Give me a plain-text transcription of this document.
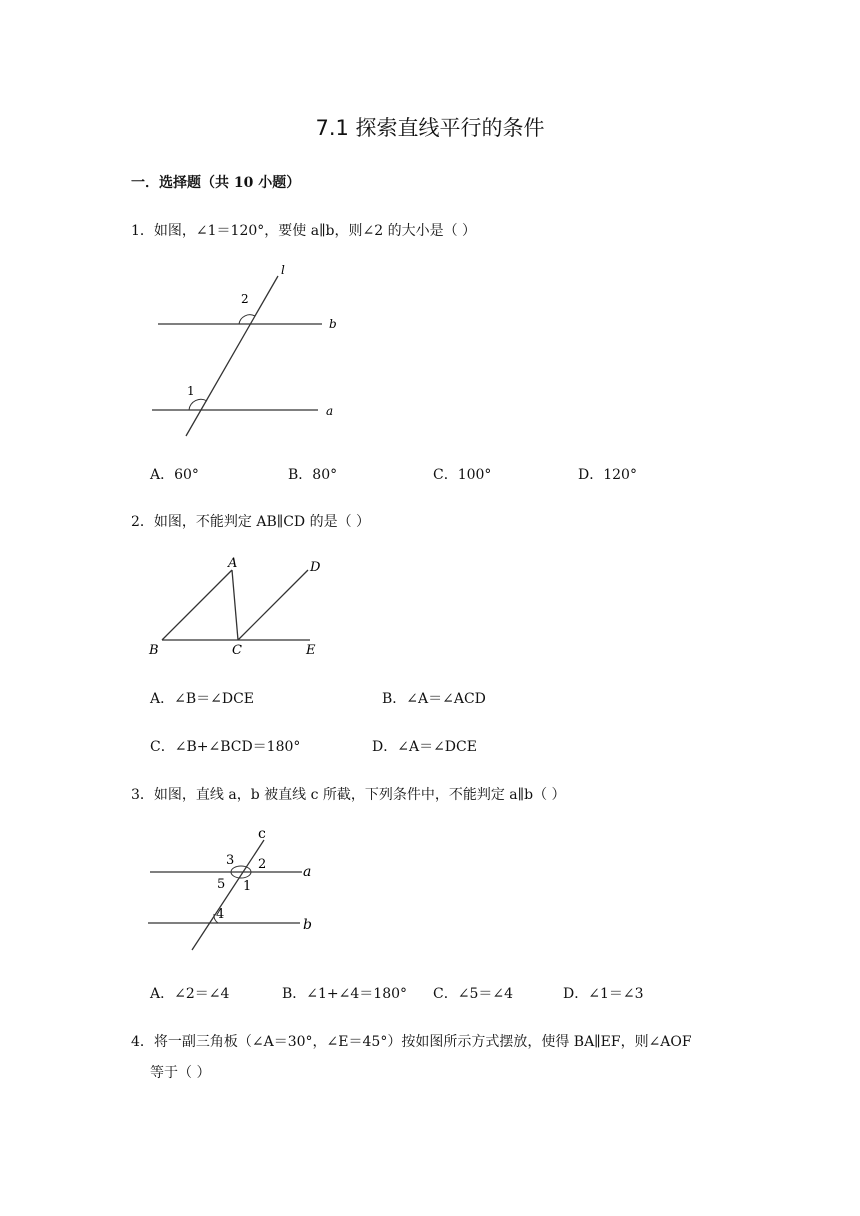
7.1 探索直线平行的条件
一．选择题（共 10 小题）
1．如图，∠1＝120°，要使 a∥b，则∠2 的大小是（ ）
l
b
a
2
1
A．60°	B．80°	C．100°	D．120°
2．如图，不能判定 AB∥CD 的是（ ）
A	D
B	C	E
A．∠B＝∠DCE	B．∠A＝∠ACD
C．∠B+∠BCD＝180°	D．∠A＝∠DCE
3．如图，直线 a，b 被直线 c 所截，下列条件中，不能判定 a∥b（ ）
c
a
b
3 2
5 1
4
A．∠2＝∠4	B．∠1+∠4＝180° C．∠5＝∠4	D．∠1＝∠3
4．将一副三角板（∠A＝30°，∠E＝45°）按如图所示方式摆放，使得 BA∥EF，则∠AOF
等于（ ）
